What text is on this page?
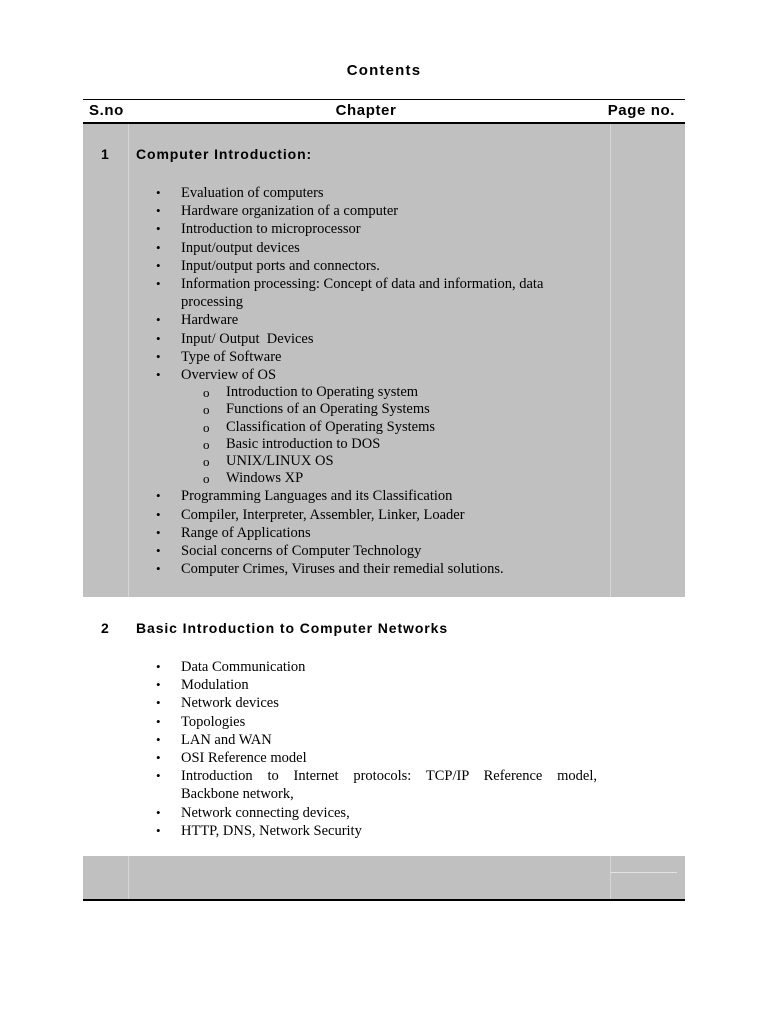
Contents
S.no	Chapter	Page no.
1 Computer Introduction:
• Evaluation of computers
• Hardware organization of a computer
• Introduction to microprocessor
• Input/output devices
• Input/output ports and connectors.
• Information processing: Concept of data and information, data processing
• Hardware
• Input/ Output  Devices
• Type of Software
• Overview of OS
o Introduction to Operating system
o Functions of an Operating Systems
o Classification of Operating Systems
o Basic introduction to DOS
o UNIX/LINUX OS
o Windows XP
• Programming Languages and its Classification
• Compiler, Interpreter, Assembler, Linker, Loader
• Range of Applications
• Social concerns of Computer Technology
• Computer Crimes, Viruses and their remedial solutions.
2 Basic Introduction to Computer Networks
• Data Communication
• Modulation
• Network devices
• Topologies
• LAN and WAN
• OSI Reference model
• Introduction to Internet protocols: TCP/IP Reference model,
Backbone network,
• Network connecting devices,
• HTTP, DNS, Network Security
